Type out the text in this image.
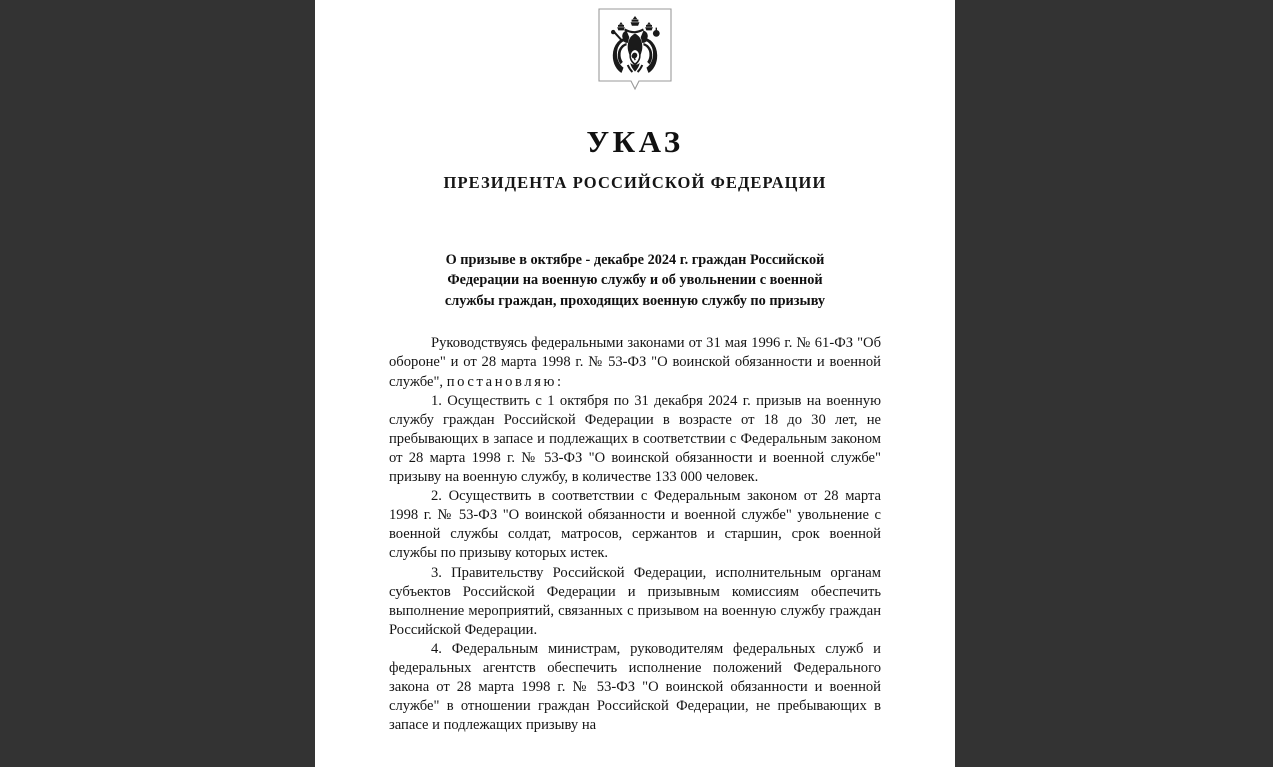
УКАЗ
ПРЕЗИДЕНТА РОССИЙСКОЙ ФЕДЕРАЦИИ
О призыве в октябре - декабре 2024 г. граждан Российской
Федерации на военную службу и об увольнении с военной
службы граждан, проходящих военную службу по призыву

Руководствуясь федеральными законами от 31 мая 1996 г. № 61-ФЗ "Об обороне" и от 28 марта 1998 г. № 53-ФЗ "О воинской обязанности и военной службе", постановляю:

1. Осуществить с 1 октября по 31 декабря 2024 г. призыв на военную службу граждан Российской Федерации в возрасте от 18 до 30 лет, не пребывающих в запасе и подлежащих в соответствии с Федеральным законом от 28 марта 1998 г. № 53-ФЗ "О воинской обязанности и военной службе" призыву на военную службу, в количестве 133 000 человек.

2. Осуществить в соответствии с Федеральным законом от 28 марта 1998 г. № 53-ФЗ "О воинской обязанности и военной службе" увольнение с военной службы солдат, матросов, сержантов и старшин, срок военной службы по призыву которых истек.

3. Правительству Российской Федерации, исполнительным органам субъектов Российской Федерации и призывным комиссиям обеспечить выполнение мероприятий, связанных с призывом на военную службу граждан Российской Федерации.

4. Федеральным министрам, руководителям федеральных служб и федеральных агентств обеспечить исполнение положений Федерального закона от 28 марта 1998 г. № 53-ФЗ "О воинской обязанности и военной службе" в отношении граждан Российской Федерации, не пребывающих в запасе и подлежащих призыву на
